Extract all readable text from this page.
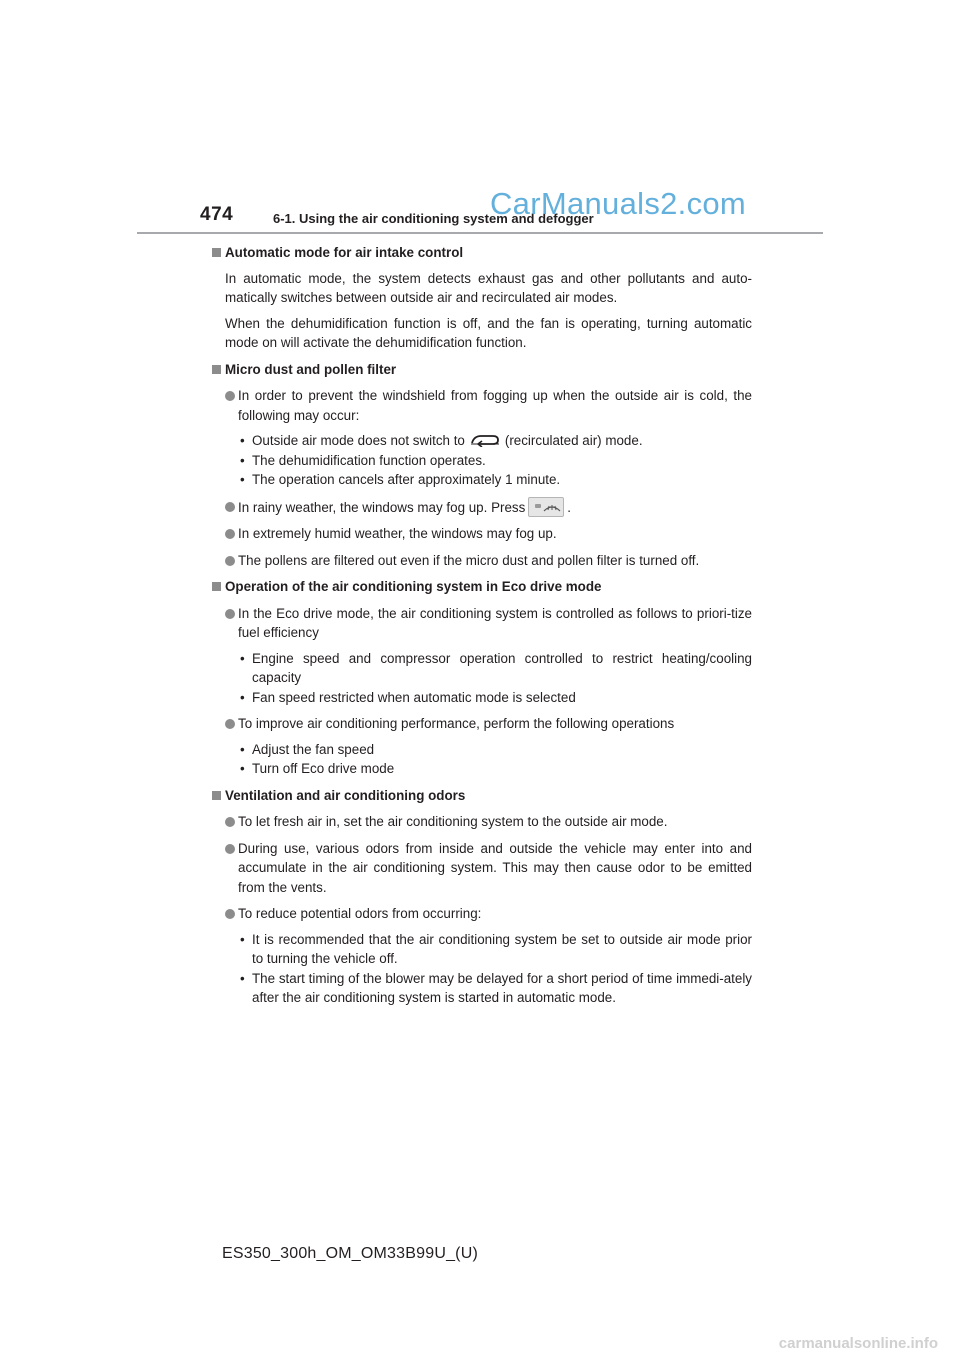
474	6-1. Using the air conditioning system and defogger
CarManuals2.com
Automatic mode for air intake control
In automatic mode, the system detects exhaust gas and other pollutants and auto-matically switches between outside air and recirculated air modes.
When the dehumidification function is off, and the fan is operating, turning automatic mode on will activate the dehumidification function.
Micro dust and pollen filter
In order to prevent the windshield from fogging up when the outside air is cold, the following may occur:
• Outside air mode does not switch to	(recirculated air) mode.
• The dehumidification function operates.
• The operation cancels after approximately 1 minute.
In rainy weather, the windows may fog up. Press	.
In extremely humid weather, the windows may fog up.
The pollens are filtered out even if the micro dust and pollen filter is turned off.
Operation of the air conditioning system in Eco drive mode
In the Eco drive mode, the air conditioning system is controlled as follows to priori-tize fuel efficiency
• Engine speed and compressor operation controlled to restrict heating/cooling capacity
• Fan speed restricted when automatic mode is selected
To improve air conditioning performance, perform the following operations
• Adjust the fan speed
• Turn off Eco drive mode
Ventilation and air conditioning odors
To let fresh air in, set the air conditioning system to the outside air mode.
During use, various odors from inside and outside the vehicle may enter into and accumulate in the air conditioning system. This may then cause odor to be emitted from the vents.
To reduce potential odors from occurring:
• It is recommended that the air conditioning system be set to outside air mode prior to turning the vehicle off.
• The start timing of the blower may be delayed for a short period of time immedi-ately after the air conditioning system is started in automatic mode.
ES350_300h_OM_OM33B99U_(U)
carmanualsonline.info
